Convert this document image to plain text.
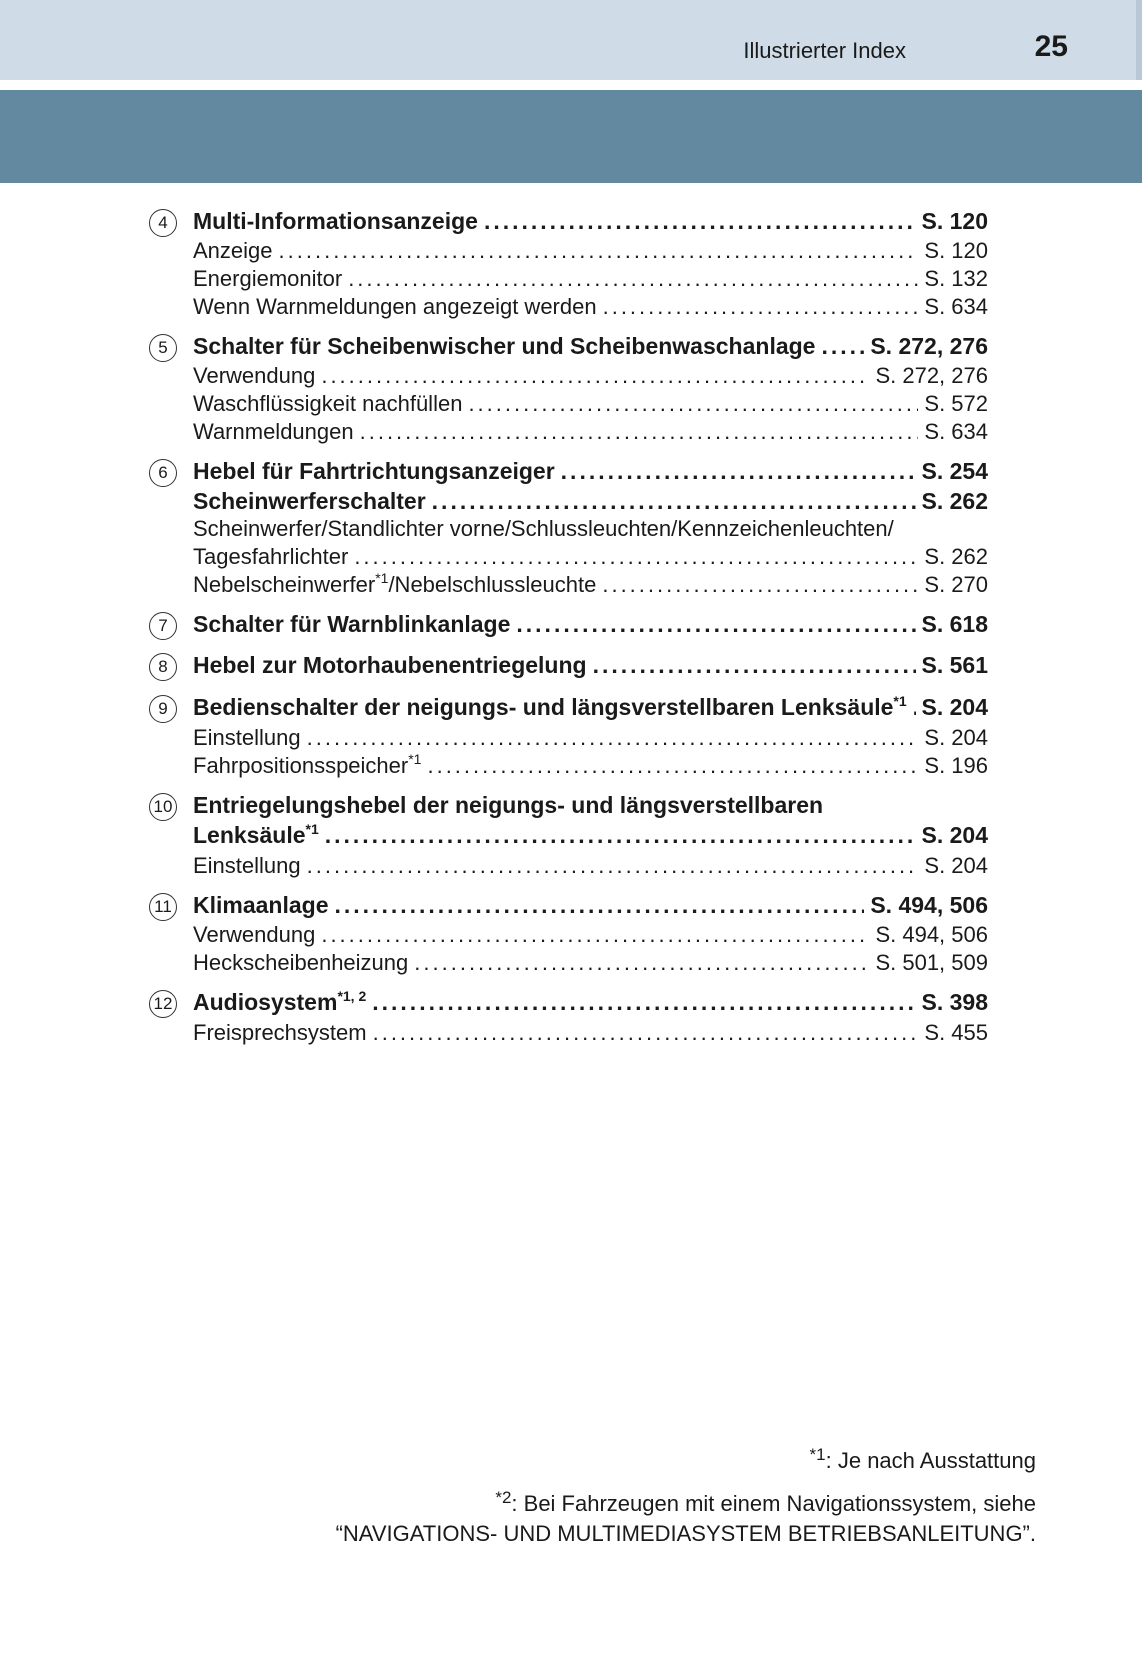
Illustrierter Index	25
4	Multi-Informationsanzeige .....	S. 120
Anzeige .....	S. 120
Energiemonitor .....	S. 132
Wenn Warnmeldungen angezeigt werden .....	S. 634
5	Schalter für Scheibenwischer und Scheibenwaschanlage ..... S. 272, 276
Verwendung .....	S. 272, 276
Waschflüssigkeit nachfüllen .....	S. 572
Warnmeldungen .....	S. 634
6	Hebel für Fahrtrichtungsanzeiger .....	S. 254
Scheinwerferschalter .....	S. 262
Scheinwerfer/Standlichter vorne/Schlussleuchten/Kennzeichenleuchten/
Tagesfahrlichter .....	S. 262
Nebelscheinwerfer$^{*1}$/Nebelschlussleuchte .....	S. 270
7	Schalter für Warnblinkanlage .....	S. 618
8	Hebel zur Motorhaubenentriegelung .....	S. 561
9	Bedienschalter der neigungs- und längsverstellbaren Lenksäule$^{*1}$ ..... S. 204
Einstellung .....	S. 204
Fahrpositionsspeicher$^{*1}$ .....	S. 196
10 Entriegelungshebel der neigungs- und längsverstellbaren
Lenksäule$^{*1}$ .....	S. 204
Einstellung .....	S. 204
11 Klimaanlage .....	S. 494, 506
Verwendung .....	S. 494, 506
Heckscheibenheizung .....	S. 501, 509
12 Audiosystem$^{*1, 2}$ .....	S. 398
Freisprechsystem .....	S. 455
$^{*1}$: Je nach Ausstattung
$^{*2}$: Bei Fahrzeugen mit einem Navigationssystem, siehe
“NAVIGATIONS- UND MULTIMEDIASYSTEM BETRIEBSANLEITUNG”.
